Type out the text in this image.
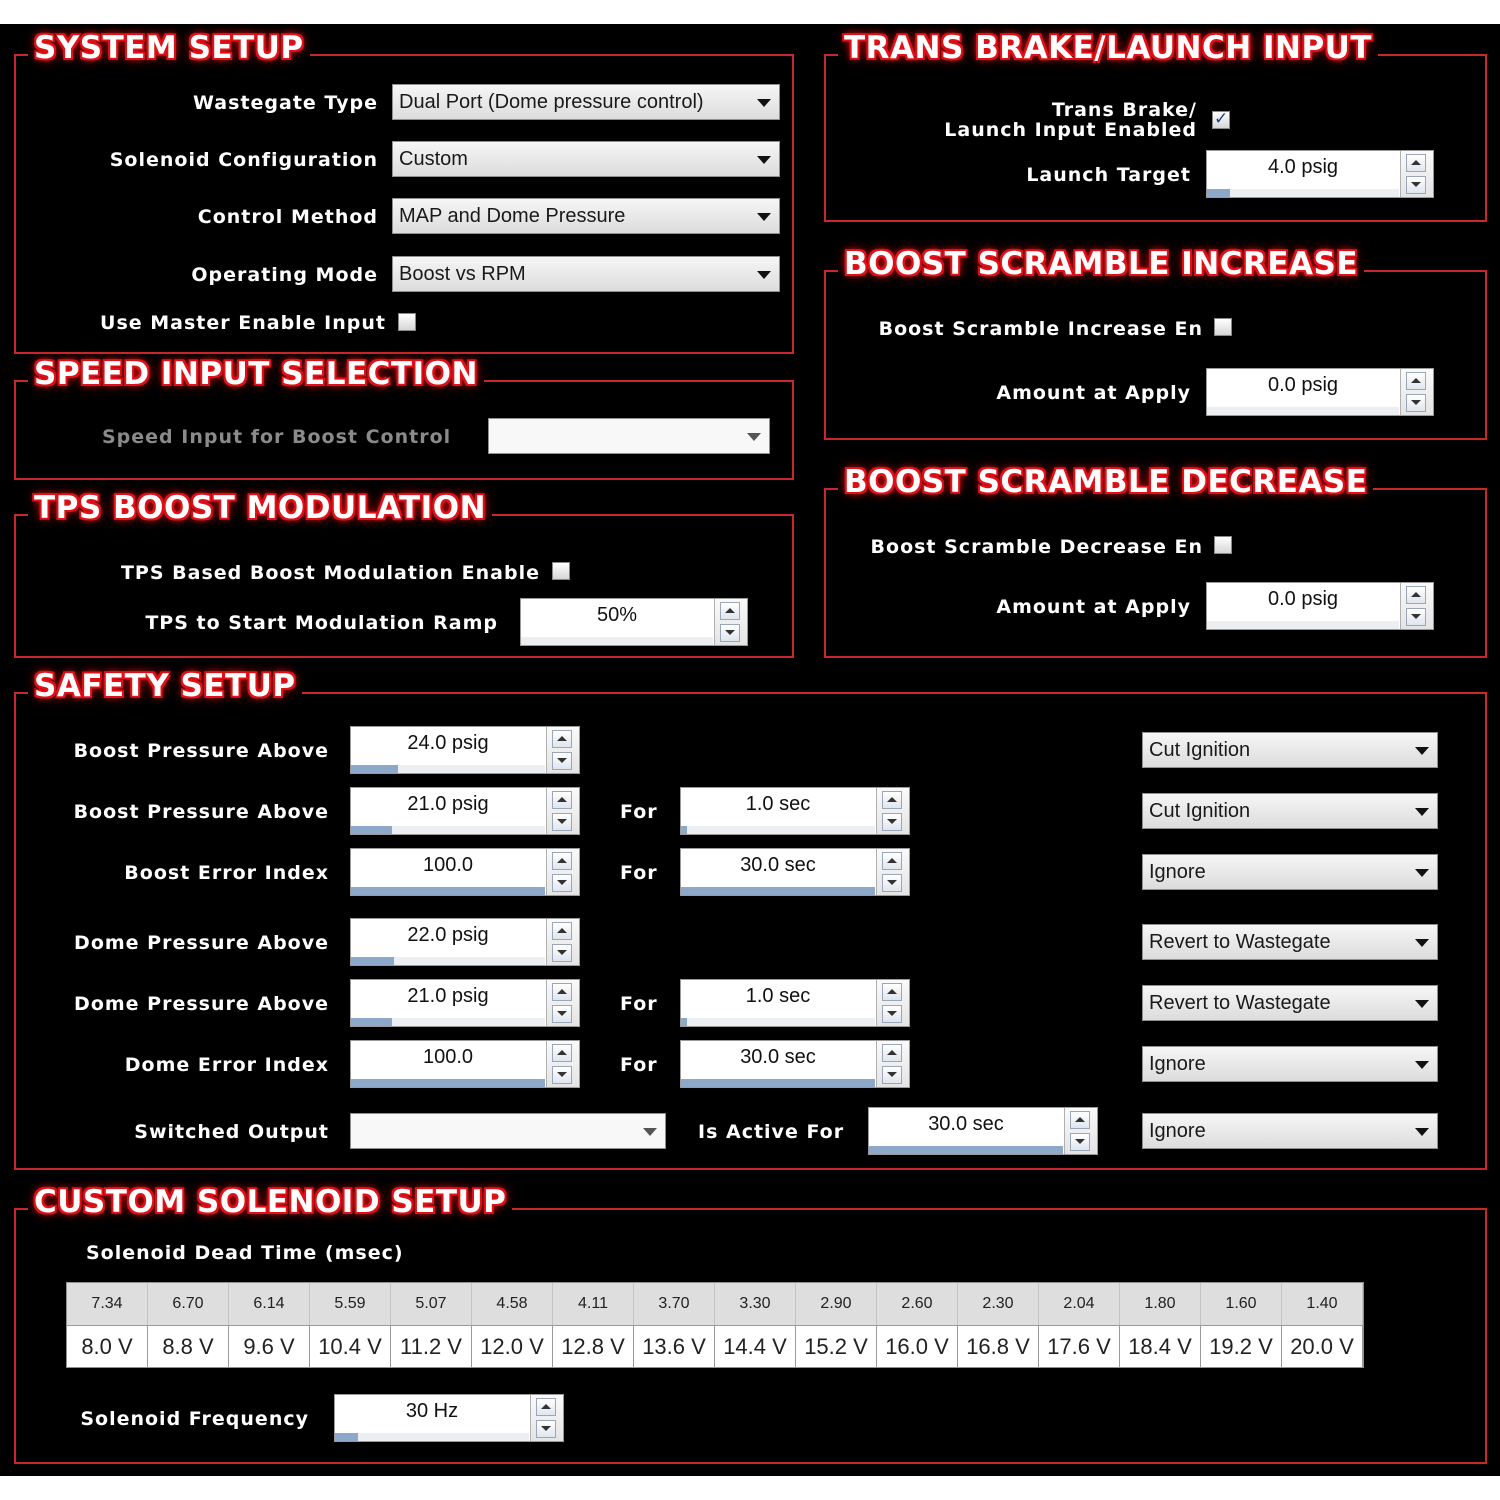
SYSTEM SETUP
Wastegate Type	Dual Port (Dome pressure control)
Solenoid Configuration	Custom
Control Method	MAP and Dome Pressure
Operating Mode	Boost vs RPM
Use Master Enable Input
TRANS BRAKE/LAUNCH INPUT
Trans Brake/
Launch Input Enabled
✓
Launch Target	4.0 psig
SPEED INPUT SELECTION
Speed Input for Boost Control
BOOST SCRAMBLE INCREASE
Boost Scramble Increase En
Amount at Apply	0.0 psig
TPS BOOST MODULATION
TPS Based Boost Modulation Enable
TPS to Start Modulation Ramp	50%
BOOST SCRAMBLE DECREASE
Boost Scramble Decrease En
Amount at Apply	0.0 psig
SAFETY SETUP
Boost Pressure Above	24.0 psig	Cut Ignition
Boost Pressure Above	21.0 psig	For	1.0 sec	Cut Ignition
Boost Error Index	100.0	For	30.0 sec	Ignore
Dome Pressure Above	22.0 psig	Revert to Wastegate
Dome Pressure Above	21.0 psig	For	1.0 sec	Revert to Wastegate
Dome Error Index	100.0	For	30.0 sec	Ignore
Switched Output	Is Active For	30.0 sec	Ignore
CUSTOM SOLENOID SETUP
Solenoid Dead Time (msec)
Solenoid Frequency	30 Hz
7.34	6.70	6.14	5.59	5.07	4.58	4.11	3.70	3.30	2.90	2.60	2.30	2.04	1.80	1.60	1.40
8.0 V	8.8 V	9.6 V	10.4 V 11.2 V 12.0 V 12.8 V 13.6 V 14.4 V 15.2 V 16.0 V 16.8 V 17.6 V 18.4 V 19.2 V 20.0 V
